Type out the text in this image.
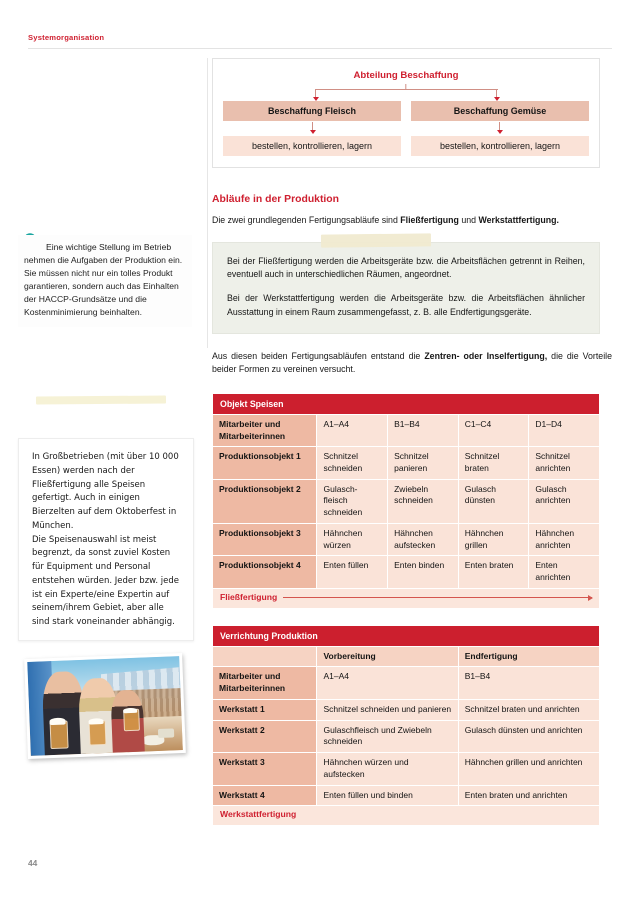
Systemorganisation
Eine wichtige Stellung im Betrieb nehmen die Aufgaben der Produktion ein. Sie müssen nicht nur ein tolles Produkt garantieren, sondern auch das Einhalten der HACCP-Grundsätze und die Kostenminimierung beinhalten.

In Großbetrieben (mit über 10 000 Essen) werden nach der Fließfertigung alle Speisen gefertigt. Auch in einigen Bierzelten auf dem Oktoberfest in München.

Die Speisenauswahl ist meist begrenzt, da sonst zuviel Kosten für Equipment und Personal entstehen würden. Jeder bzw. jede ist ein Experte/eine Expertin auf seinem/ihrem Gebiet, aber alle sind stark voneinander abhängig.

Abteilung Beschaffung
Beschaffung Fleisch	Beschaffung Gemüse
bestellen, kontrollieren, lagern	bestellen, kontrollieren, lagern
Abläufe in der Produktion

Die zwei grundlegenden Fertigungsabläufe sind Fließfertigung und Werkstattfertigung.

Bei der Fließfertigung werden die Arbeitsgeräte bzw. die Arbeitsflächen getrennt in Reihen, eventuell auch in unterschiedlichen Räumen, angeordnet.

Bei der Werkstattfertigung werden die Arbeitsgeräte bzw. die Arbeitsflächen ähnlicher Ausstattung in einem Raum zusammengefasst, z. B. alle Endfertigungsgeräte.

Aus diesen beiden Fertigungsabläufen entstand die Zentren- oder Inselfertigung, die die Vorteile beider Formen zu vereinen versucht.

Objekt Speisen				
Mitarbeiter und Mitarbeiterinnen	A1–A4	B1–B4	C1–C4	D1–D4
Produktionsobjekt 1	Schnitzel schneiden	Schnitzel panieren	Schnitzel braten	Schnitzel anrichten
Produktionsobjekt 2	Gulasch-fleisch schneiden	Zwiebeln schneiden	Gulasch dünsten	Gulasch anrichten
Produktionsobjekt 3	Hähnchen würzen	Hähnchen aufstecken	Hähnchen grillen	Hähnchen anrichten
Produktionsobjekt 4	Enten füllen	Enten binden	Enten braten	Enten anrichten

Fließfertigung				
Verrichtung Produktion		
	Vorbereitung	Endfertigung
Mitarbeiter und Mitarbeiterinnen	A1–A4	B1–B4
Werkstatt 1	Schnitzel schneiden und panieren	Schnitzel braten und anrichten
Werkstatt 2	Gulaschfleisch und Zwiebeln schneiden	Gulasch dünsten und anrichten
Werkstatt 3	Hähnchen würzen und aufstecken	Hähnchen grillen und anrichten
Werkstatt 4	Enten füllen und binden	Enten braten und anrichten

Werkstattfertigung		
44
